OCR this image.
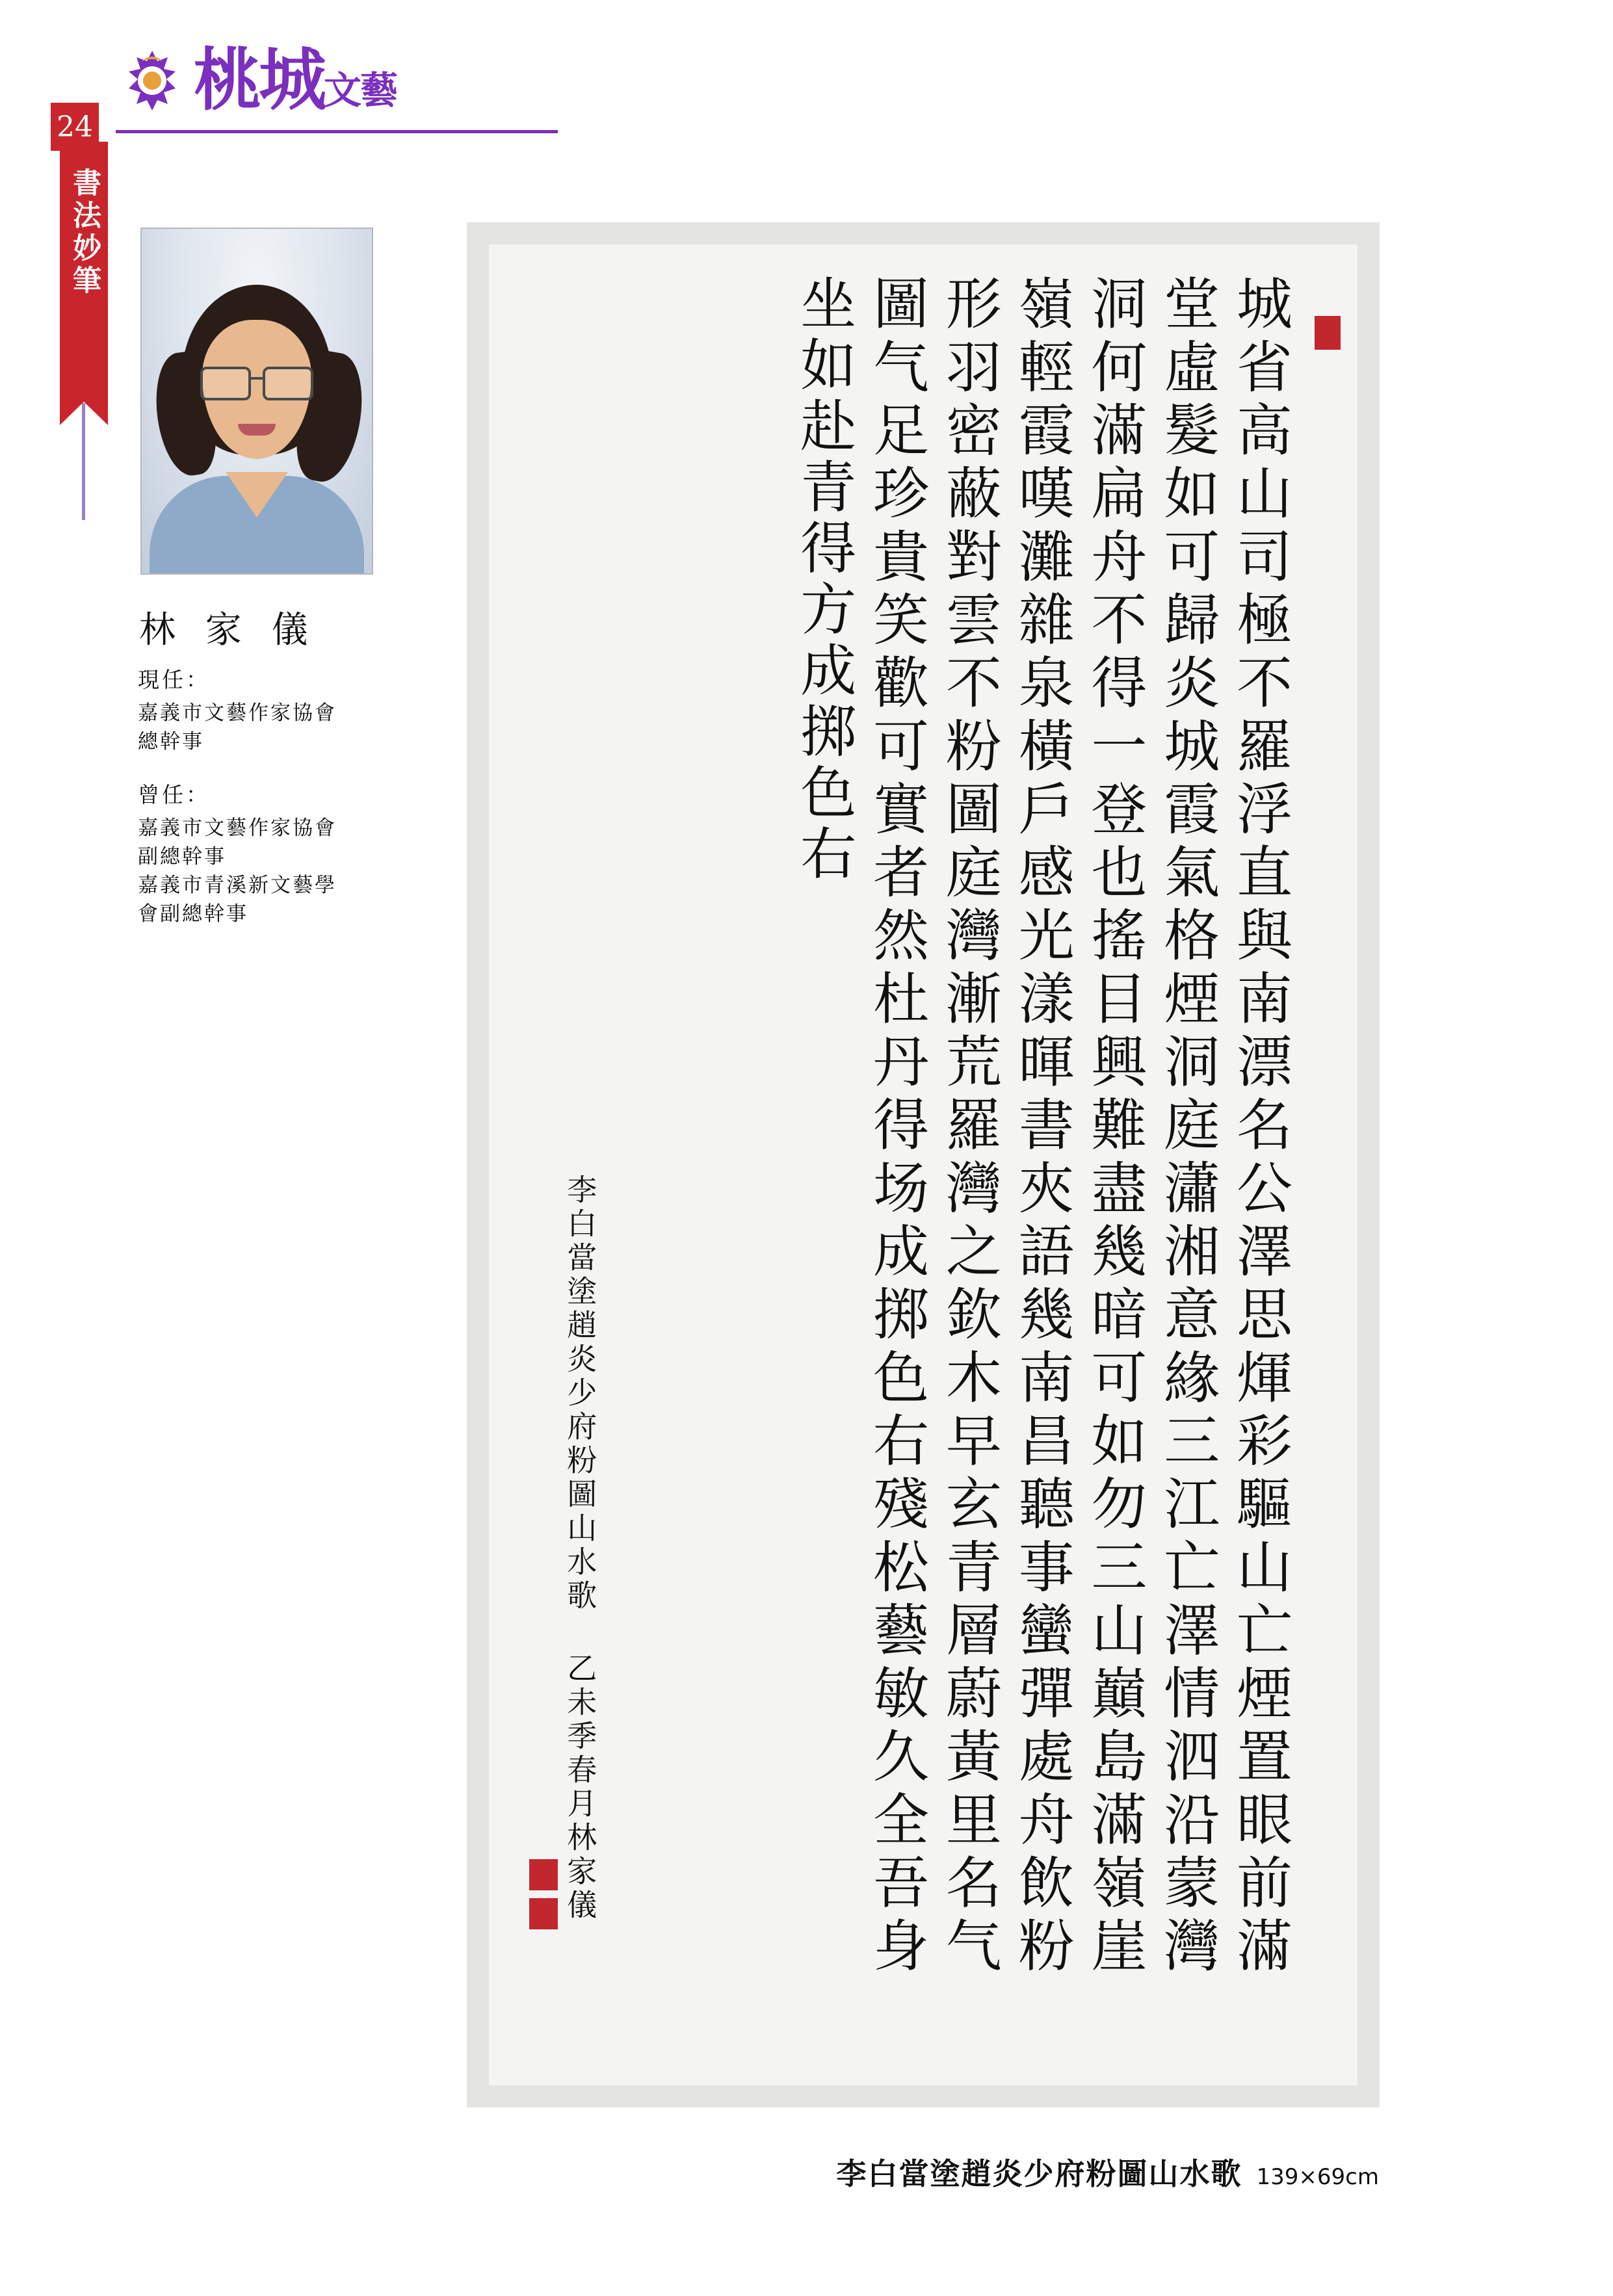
桃城文藝
24
書法妙筆
林 家 儀
現任：
嘉義市文藝作家協會
總幹事
曾任：
嘉義市文藝作家協會
副總幹事
嘉義市青溪新文藝學
會副總幹事	城省高山司極不羅浮直與南漂名公澤思煇彩驅山亡煙置眼前滿堂虛髮如可歸炎城霞氣格煙洞庭瀟湘意緣三江亡澤情泗沿蒙灣洞何滿扁舟不得一登也搖目興難盡幾暗可如勿三山巔島滿嶺崖嶺輕霞嘆灘雜泉橫戶感光漾暉書夾語幾南昌聽事蠻彈處舟飲粉形羽密蔽對雲不粉圖庭灣漸荒羅灣之欽木早玄青層蔚黃里名气圖气足珍貴笑歡可實者然杜丹得场成掷色右殘松藝敏久全吾身坐如赴青得方成掷色右
李白當塗趙炎少府粉圖山水歌 乙未季春月林家儀
李白當塗趙炎少府粉圖山水歌 139×69cm
